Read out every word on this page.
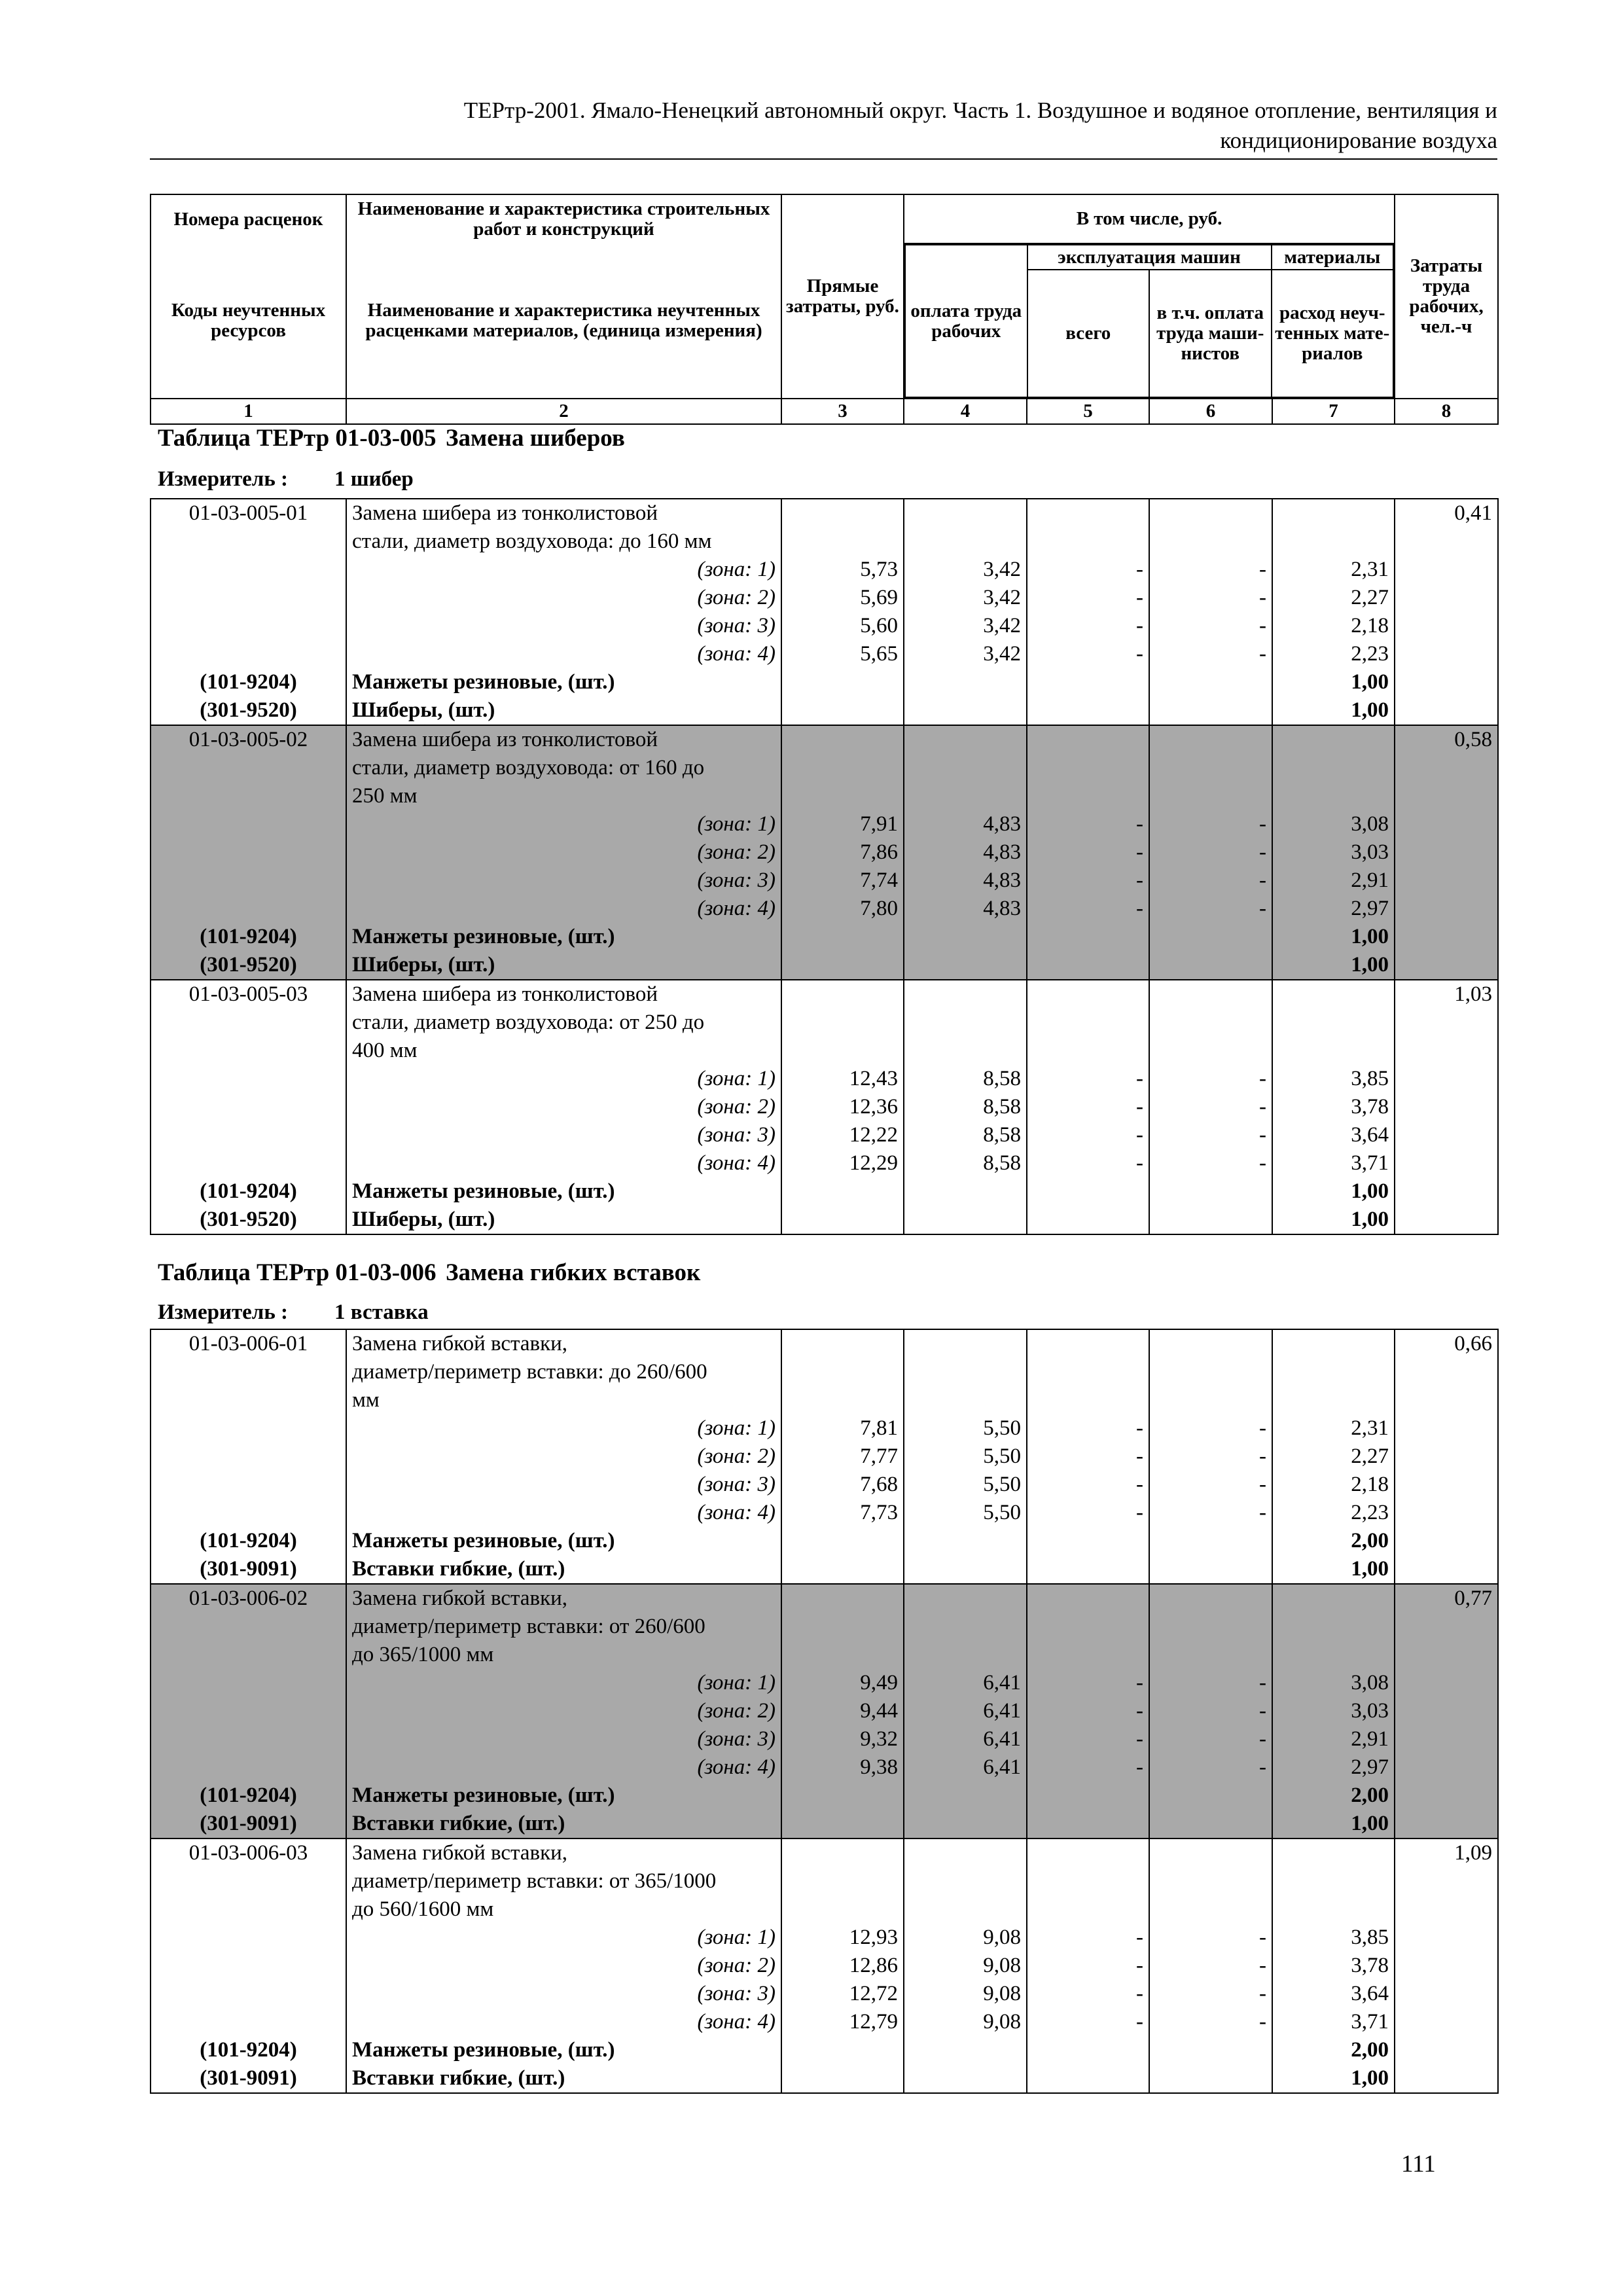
ТЕРтр-2001. Ямало-Ненецкий автономный округ. Часть 1. Воздушное и водяное отопление, вентиляция и
кондиционирование воздуха
Номера расценок	Наименование и характеристика строительных работ и конструкций	Прямые затраты, руб.	В том числе, руб.	Затраты труда рабочих, чел.-ч
Коды неучтенных ресурсов	Наименование и характеристика неучтенных расценками материалов, (единица измерения)	
оплата труда рабочих	эксплуатация машин	материалы
всего	в т.ч. оплата труда маши-нистов	расход неуч-тенных мате-риалов

1	2	3	4	5	6	7	8
Таблица ТЕРтр 01-03-005 Замена шиберов
Измеритель : 1 шибер
01-03-005-01	Замена шибера из тонколистовой						0,41
	стали, диаметр воздуховода: до 160 мм						
	(зона: 1)	5,73	3,42	-	-	2,31	
	(зона: 2)	5,69	3,42	-	-	2,27	
	(зона: 3)	5,60	3,42	-	-	2,18	
	(зона: 4)	5,65	3,42	-	-	2,23	
(101-9204)	Манжеты резиновые, (шт.)					1,00	
(301-9520)	Шиберы, (шт.)					1,00	
01-03-005-02	Замена шибера из тонколистовой						0,58
	стали, диаметр воздуховода: от 160 до						
	250 мм						
	(зона: 1)	7,91	4,83	-	-	3,08	
	(зона: 2)	7,86	4,83	-	-	3,03	
	(зона: 3)	7,74	4,83	-	-	2,91	
	(зона: 4)	7,80	4,83	-	-	2,97	
(101-9204)	Манжеты резиновые, (шт.)					1,00	
(301-9520)	Шиберы, (шт.)					1,00	
01-03-005-03	Замена шибера из тонколистовой						1,03
	стали, диаметр воздуховода: от 250 до						
	400 мм						
	(зона: 1)	12,43	8,58	-	-	3,85	
	(зона: 2)	12,36	8,58	-	-	3,78	
	(зона: 3)	12,22	8,58	-	-	3,64	
	(зона: 4)	12,29	8,58	-	-	3,71	
(101-9204)	Манжеты резиновые, (шт.)					1,00	
(301-9520)	Шиберы, (шт.)					1,00	
Таблица ТЕРтр 01-03-006 Замена гибких вставок
Измеритель : 1 вставка
01-03-006-01	Замена гибкой вставки,						0,66
	диаметр/периметр вставки: до 260/600						
	мм						
	(зона: 1)	7,81	5,50	-	-	2,31	
	(зона: 2)	7,77	5,50	-	-	2,27	
	(зона: 3)	7,68	5,50	-	-	2,18	
	(зона: 4)	7,73	5,50	-	-	2,23	
(101-9204)	Манжеты резиновые, (шт.)					2,00	
(301-9091)	Вставки гибкие, (шт.)					1,00	
01-03-006-02	Замена гибкой вставки,						0,77
	диаметр/периметр вставки: от 260/600						
	до 365/1000 мм						
	(зона: 1)	9,49	6,41	-	-	3,08	
	(зона: 2)	9,44	6,41	-	-	3,03	
	(зона: 3)	9,32	6,41	-	-	2,91	
	(зона: 4)	9,38	6,41	-	-	2,97	
(101-9204)	Манжеты резиновые, (шт.)					2,00	
(301-9091)	Вставки гибкие, (шт.)					1,00	
01-03-006-03	Замена гибкой вставки,						1,09
	диаметр/периметр вставки: от 365/1000						
	до 560/1600 мм						
	(зона: 1)	12,93	9,08	-	-	3,85	
	(зона: 2)	12,86	9,08	-	-	3,78	
	(зона: 3)	12,72	9,08	-	-	3,64	
	(зона: 4)	12,79	9,08	-	-	3,71	
(101-9204)	Манжеты резиновые, (шт.)					2,00	
(301-9091)	Вставки гибкие, (шт.)					1,00	
111
